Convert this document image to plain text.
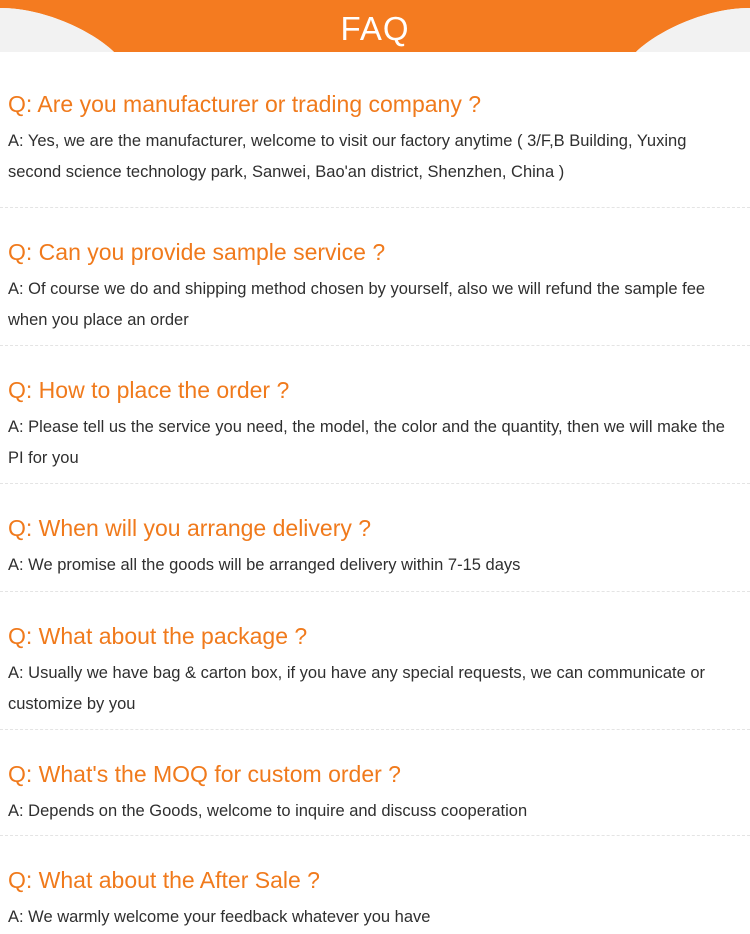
FAQ

Q: Are you manufacturer or trading company ?

A: Yes, we are the manufacturer, welcome to visit our factory anytime ( 3/F,B Building, Yuxing second science technology park, Sanwei, Bao'an district, Shenzhen, China )

Q: Can you provide sample service ?

A: Of course we do and shipping method chosen by yourself, also we will refund the sample fee when you place an order

Q: How to place the order ?

A: Please tell us the service you need, the model, the color and the quantity, then we will make the PI for you

Q: When will you arrange delivery ?

A: We promise all the goods will be arranged delivery within 7-15 days

Q: What about the package ?

A: Usually we have bag & carton box, if you have any special requests, we can communicate or customize by you

Q: What's the MOQ for custom order ?

A: Depends on the Goods, welcome to inquire and discuss cooperation

Q: What about the After Sale ?

A: We warmly welcome your feedback whatever you have
